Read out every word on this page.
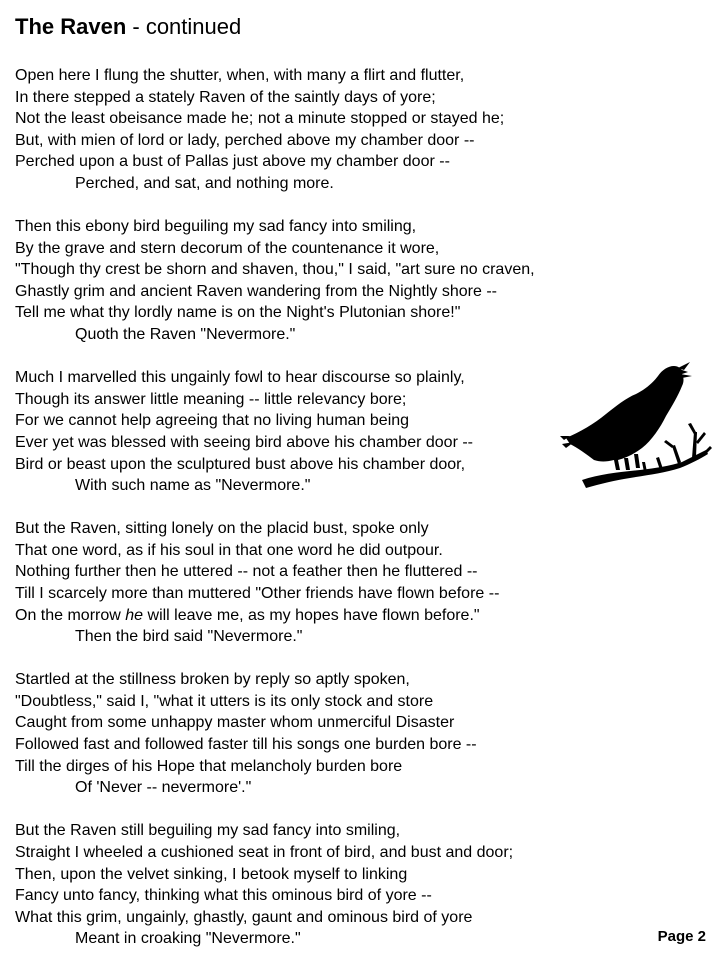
The Raven - continued
Open here I flung the shutter, when, with many a flirt and flutter,
In there stepped a stately Raven of the saintly days of yore;
Not the least obeisance made he; not a minute stopped or stayed he;
But, with mien of lord or lady, perched above my chamber door --
Perched upon a bust of Pallas just above my chamber door --
Perched, and sat, and nothing more.
Then this ebony bird beguiling my sad fancy into smiling,
By the grave and stern decorum of the countenance it wore,
"Though thy crest be shorn and shaven, thou," I said, "art sure no craven,
Ghastly grim and ancient Raven wandering from the Nightly shore --
Tell me what thy lordly name is on the Night's Plutonian shore!"
Quoth the Raven "Nevermore."
Much I marvelled this ungainly fowl to hear discourse so plainly,
Though its answer little meaning -- little relevancy bore;
For we cannot help agreeing that no living human being
Ever yet was blessed with seeing bird above his chamber door --
Bird or beast upon the sculptured bust above his chamber door,
With such name as "Nevermore."
But the Raven, sitting lonely on the placid bust, spoke only
That one word, as if his soul in that one word he did outpour.
Nothing further then he uttered -- not a feather then he fluttered --
Till I scarcely more than muttered "Other friends have flown before --
On the morrow he will leave me, as my hopes have flown before."
Then the bird said "Nevermore."
Startled at the stillness broken by reply so aptly spoken,
"Doubtless," said I, "what it utters is its only stock and store
Caught from some unhappy master whom unmerciful Disaster
Followed fast and followed faster till his songs one burden bore --
Till the dirges of his Hope that melancholy burden bore
Of 'Never -- nevermore'."
But the Raven still beguiling my sad fancy into smiling,
Straight I wheeled a cushioned seat in front of bird, and bust and door;
Then, upon the velvet sinking, I betook myself to linking
Fancy unto fancy, thinking what this ominous bird of yore --
What this grim, ungainly, ghastly, gaunt and ominous bird of yore
Meant in croaking "Nevermore."	Page 2
